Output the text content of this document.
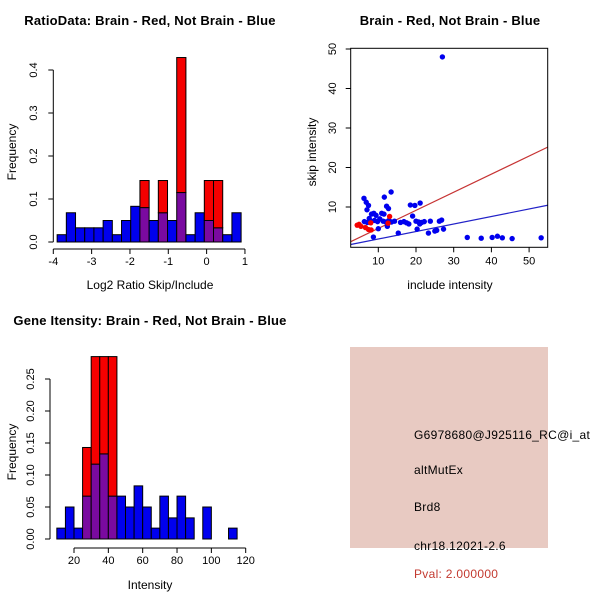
-4	-3	-2	-1	0	1
0.0
0.1
0.2
0.3
0.4
RatioData: Brain - Red, Not Brain - Blue
Frequency
Log2 Ratio Skip/Include
10 20 30 40 50
10
20
30
40
50
Brain - Red, Not Brain - Blue
skip intensity
include intensity
20 40 60 80 100 120
0.00
0.05
0.10
0.15
0.20
0.25
Gene Itensity: Brain - Red, Not Brain - Blue
Frequency
Intensity
G6978680@J925116_RC@i_at
altMutEx
Brd8
chr18.12021-2.6
Pval: 2.000000
